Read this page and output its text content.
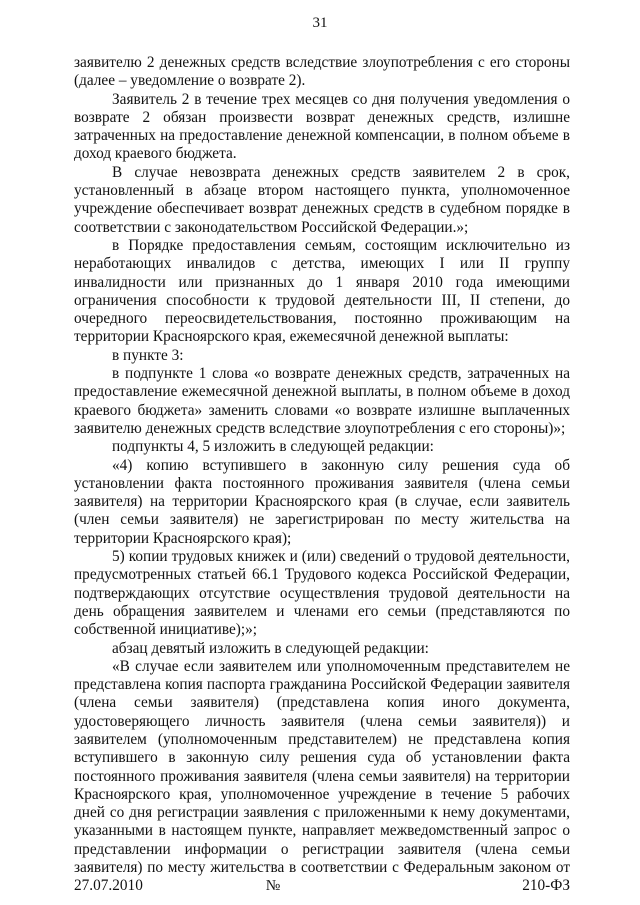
31

заявителю 2 денежных средств вследствие злоупотребления с его стороны (далее – уведомление о возврате 2).

Заявитель 2 в течение трех месяцев со дня получения уведомления о возврате 2 обязан произвести возврат денежных средств, излишне затраченных на предоставление денежной компенсации, в полном объеме в доход краевого бюджета.

В случае невозврата денежных средств заявителем 2 в срок, установленный в абзаце втором настоящего пункта, уполномоченное учреждение обеспечивает возврат денежных средств в судебном порядке в соответствии с законодательством Российской Федерации.»;

в Порядке предоставления семьям, состоящим исключительно из неработающих инвалидов с детства, имеющих I или II группу инвалидности или признанных до 1 января 2010 года имеющими ограничения способности к трудовой деятельности III, II степени, до очередного переосвидетельствования, постоянно проживающим на территории Красноярского края, ежемесячной денежной выплаты:

в пункте 3:

в подпункте 1 слова «о возврате денежных средств, затраченных на предоставление ежемесячной денежной выплаты, в полном объеме в доход краевого бюджета» заменить словами «о возврате излишне выплаченных заявителю денежных средств вследствие злоупотребления с его стороны)»;

подпункты 4, 5 изложить в следующей редакции:

«4) копию вступившего в законную силу решения суда об установлении факта постоянного проживания заявителя (члена семьи заявителя) на территории Красноярского края (в случае, если заявитель (член семьи заявителя) не зарегистрирован по месту жительства на территории Красноярского края);

5) копии трудовых книжек и (или) сведений о трудовой деятельности, предусмотренных статьей 66.1 Трудового кодекса Российской Федерации, подтверждающих отсутствие осуществления трудовой деятельности на день обращения заявителем и членами его семьи (представляются по собственной инициативе);»;

абзац девятый изложить в следующей редакции:

«В случае если заявителем или уполномоченным представителем не представлена копия паспорта гражданина Российской Федерации заявителя (члена семьи заявителя) (представлена копия иного документа, удостоверяющего личность заявителя (члена семьи заявителя)) и заявителем (уполномоченным представителем) не представлена копия вступившего в законную силу решения суда об установлении факта постоянного проживания заявителя (члена семьи заявителя) на территории Красноярского края, уполномоченное учреждение в течение 5 рабочих дней со дня регистрации заявления с приложенными к нему документами, указанными в настоящем пункте, направляет межведомственный запрос о представлении информации о регистрации заявителя (члена семьи заявителя) по месту жительства в соответствии с Федеральным законом от 27.07.2010 № 210-ФЗ
